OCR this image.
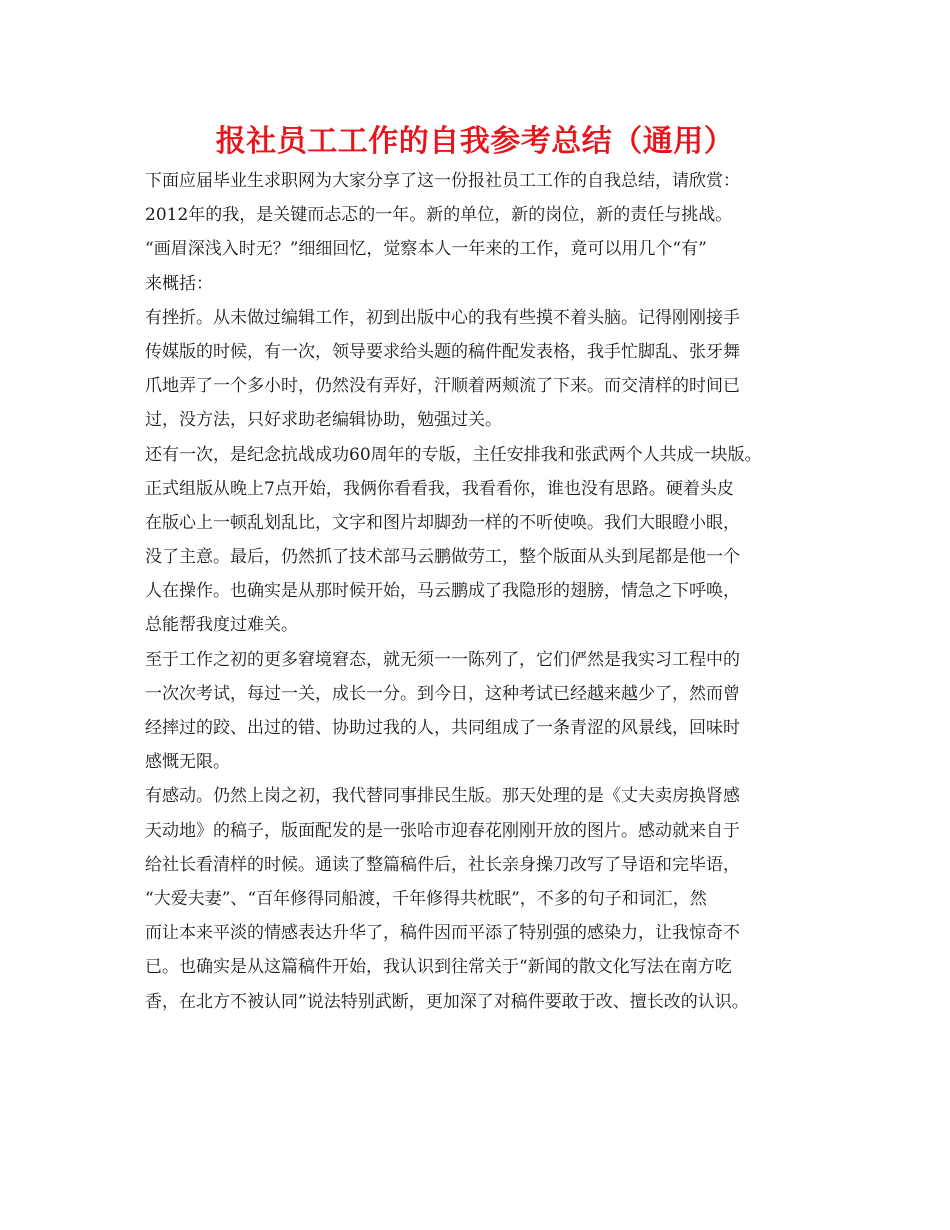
报社员工工作的自我参考总结（通用）
下面应届毕业生求职网为大家分享了这一份报社员工工作的自我总结，请欣赏：
2012年的我，是关键而忐忑的一年。新的单位，新的岗位，新的责任与挑战。
“画眉深浅入时无？”细细回忆，觉察本人一年来的工作，竟可以用几个“有”
来概括：
有挫折。从未做过编辑工作，初到出版中心的我有些摸不着头脑。记得刚刚接手
传媒版的时候，有一次，领导要求给头题的稿件配发表格，我手忙脚乱、张牙舞
爪地弄了一个多小时，仍然没有弄好，汗顺着两颊流了下来。而交清样的时间已
过，没方法，只好求助老编辑协助，勉强过关。
还有一次，是纪念抗战成功60周年的专版，主任安排我和张武两个人共成一块版。
正式组版从晚上7点开始，我俩你看看我，我看看你，谁也没有思路。硬着头皮
在版心上一顿乱划乱比，文字和图片却脚劲一样的不听使唤。我们大眼瞪小眼，
没了主意。最后，仍然抓了技术部马云鹏做劳工，整个版面从头到尾都是他一个
人在操作。也确实是从那时候开始，马云鹏成了我隐形的翅膀，情急之下呼唤，
总能帮我度过难关。
至于工作之初的更多窘境窘态，就无须一一陈列了，它们俨然是我实习工程中的
一次次考试，每过一关，成长一分。到今日，这种考试已经越来越少了，然而曾
经摔过的跤、出过的错、协助过我的人，共同组成了一条青涩的风景线，回味时
感慨无限。
有感动。仍然上岗之初，我代替同事排民生版。那天处理的是《丈夫卖房换肾感
天动地》的稿子，版面配发的是一张哈市迎春花刚刚开放的图片。感动就来自于
给社长看清样的时候。通读了整篇稿件后，社长亲身操刀改写了导语和完毕语，
“大爱夫妻”、“百年修得同船渡，千年修得共枕眠”，不多的句子和词汇，然
而让本来平淡的情感表达升华了，稿件因而平添了特别强的感染力，让我惊奇不
已。也确实是从这篇稿件开始，我认识到往常关于“新闻的散文化写法在南方吃
香，在北方不被认同”说法特别武断，更加深了对稿件要敢于改、擅长改的认识。
